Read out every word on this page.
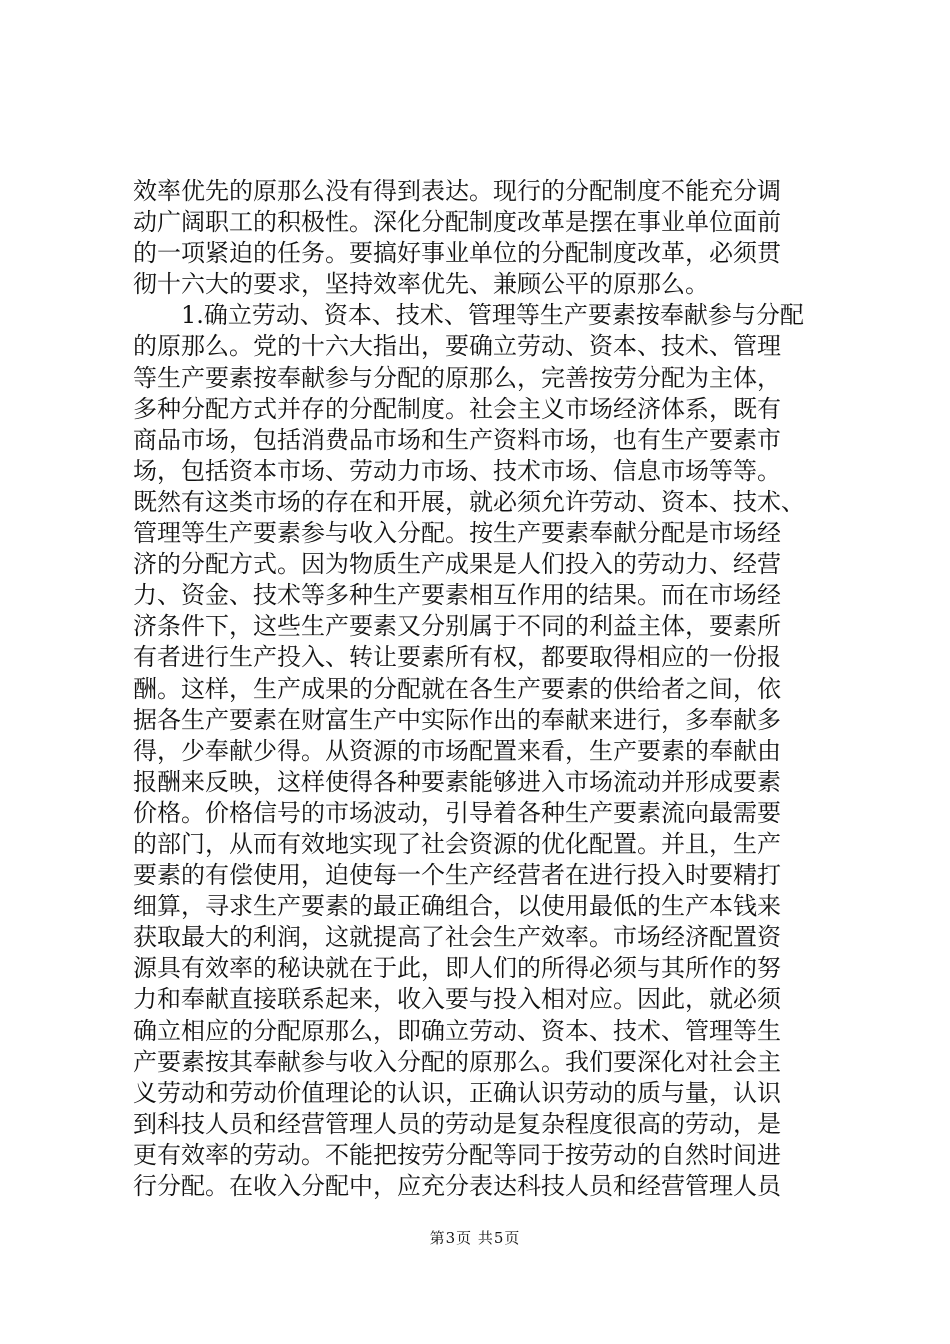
效率优先的原那么没有得到表达。现行的分配制度不能充分调
动广阔职工的积极性。深化分配制度改革是摆在事业单位面前
的一项紧迫的任务。要搞好事业单位的分配制度改革，必须贯
彻十六大的要求，坚持效率优先、兼顾公平的原那么。
1.确立劳动、资本、技术、管理等生产要素按奉献参与分配
的原那么。党的十六大指出，要确立劳动、资本、技术、管理
等生产要素按奉献参与分配的原那么，完善按劳分配为主体，
多种分配方式并存的分配制度。社会主义市场经济体系，既有
商品市场，包括消费品市场和生产资料市场，也有生产要素市
场，包括资本市场、劳动力市场、技术市场、信息市场等等。
既然有这类市场的存在和开展，就必须允许劳动、资本、技术、
管理等生产要素参与收入分配。按生产要素奉献分配是市场经
济的分配方式。因为物质生产成果是人们投入的劳动力、经营
力、资金、技术等多种生产要素相互作用的结果。而在市场经
济条件下，这些生产要素又分别属于不同的利益主体，要素所
有者进行生产投入、转让要素所有权，都要取得相应的一份报
酬。这样，生产成果的分配就在各生产要素的供给者之间，依
据各生产要素在财富生产中实际作出的奉献来进行，多奉献多
得，少奉献少得。从资源的市场配置来看，生产要素的奉献由
报酬来反映，这样使得各种要素能够进入市场流动并形成要素
价格。价格信号的市场波动，引导着各种生产要素流向最需要
的部门，从而有效地实现了社会资源的优化配置。并且，生产
要素的有偿使用，迫使每一个生产经营者在进行投入时要精打
细算，寻求生产要素的最正确组合，以使用最低的生产本钱来
获取最大的利润，这就提高了社会生产效率。市场经济配置资
源具有效率的秘诀就在于此，即人们的所得必须与其所作的努
力和奉献直接联系起来，收入要与投入相对应。因此，就必须
确立相应的分配原那么，即确立劳动、资本、技术、管理等生
产要素按其奉献参与收入分配的原那么。我们要深化对社会主
义劳动和劳动价值理论的认识，正确认识劳动的质与量，认识
到科技人员和经营管理人员的劳动是复杂程度很高的劳动，是
更有效率的劳动。不能把按劳分配等同于按劳动的自然时间进
行分配。在收入分配中，应充分表达科技人员和经营管理人员
第3页 共5页
